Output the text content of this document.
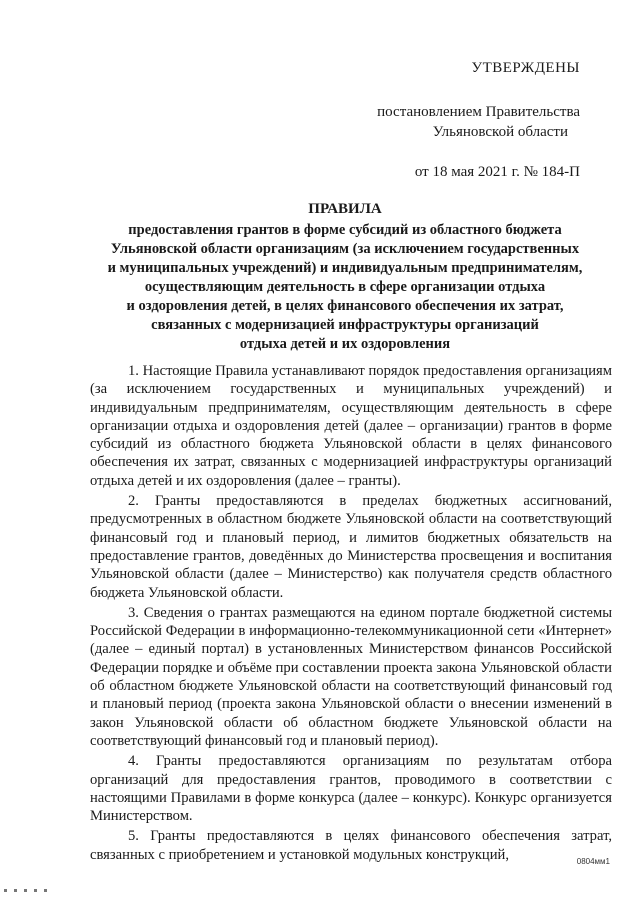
УТВЕРЖДЕНЫ
постановлением Правительства
Ульяновской области
от 18 мая 2021 г. № 184-П
ПРАВИЛА
предоставления грантов в форме субсидий из областного бюджета
Ульяновской области организациям (за исключением государственных
и муниципальных учреждений) и индивидуальным предпринимателям,
осуществляющим деятельность в сфере организации отдыха
и оздоровления детей, в целях финансового обеспечения их затрат,
связанных с модернизацией инфраструктуры организаций
отдыха детей и их оздоровления

1. Настоящие Правила устанавливают порядок предоставления организациям (за исключением государственных и муниципальных учреждений) и индивидуальным предпринимателям, осуществляющим деятельность в сфере организации отдыха и оздоровления детей (далее – организации) грантов в форме субсидий из областного бюджета Ульяновской области в целях финансового обеспечения их затрат, связанных с модернизацией инфраструктуры организаций отдыха детей и их оздоровления (далее – гранты).

2. Гранты предоставляются в пределах бюджетных ассигнований, предусмотренных в областном бюджете Ульяновской области на соответствующий финансовый год и плановый период, и лимитов бюджетных обязательств на предоставление грантов, доведённых до Министерства просвещения и воспитания Ульяновской области (далее – Министерство) как получателя средств областного бюджета Ульяновской области.

3. Сведения о грантах размещаются на едином портале бюджетной системы Российской Федерации в информационно-телекоммуникационной сети «Интернет» (далее – единый портал) в установленных Министерством финансов Российской Федерации порядке и объёме при составлении проекта закона Ульяновской области об областном бюджете Ульяновской области на соответствующий финансовый год и плановый период (проекта закона Ульяновской области о внесении изменений в закон Ульяновской области об областном бюджете Ульяновской области на соответствующий финансовый год и плановый период).

4. Гранты предоставляются организациям по результатам отбора организаций для предоставления грантов, проводимого в соответствии с настоящими Правилами в форме конкурса (далее – конкурс). Конкурс организуется Министерством.

5. Гранты предоставляются в целях финансового обеспечения затрат, связанных с приобретением и установкой модульных конструкций,	0804мм1
